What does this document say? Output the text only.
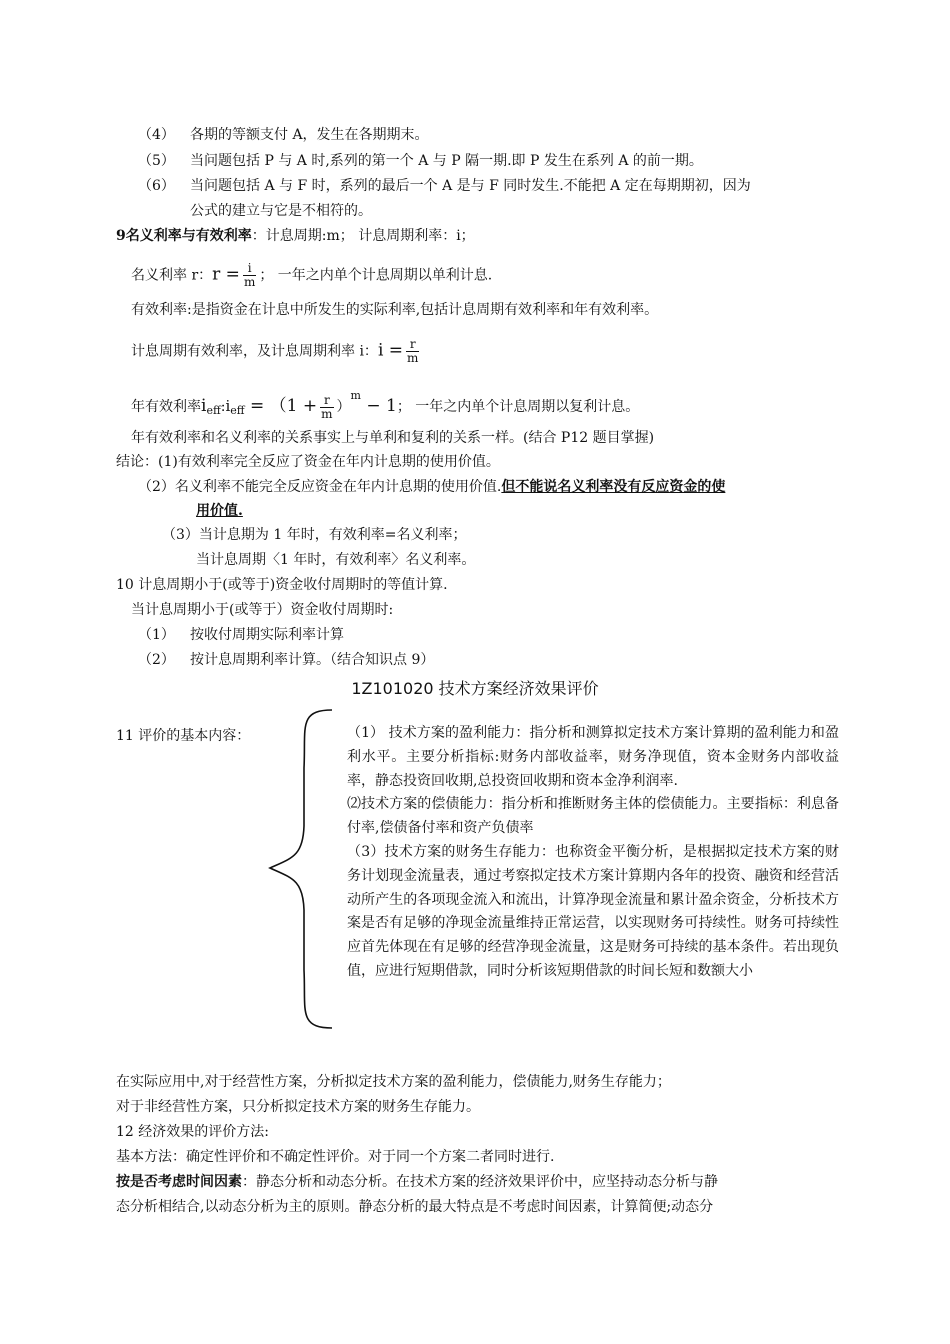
（4） 各期的等额支付 A，发生在各期期末。
（5） 当问题包括 P 与 A 时,系列的第一个 A 与 P 隔一期.即 P 发生在系列 A 的前一期。
（6） 当问题包括 A 与 F 时，系列的最后一个 A 是与 F 同时发生.不能把 A 定在每期期初，因为
公式的建立与它是不相符的。
9名义利率与有效利率：计息周期:m； 计息周期利率：i；
名义利率 r：$r = \frac{i}{m}$ ； 一年之内单个计息周期以单利计息.
有效利率:是指资金在计息中所发生的实际利率,包括计息周期有效利率和年有效利率。
计息周期有效利率，及计息周期利率 i：$i = \frac{r}{m}$
年有效利率$i_{eff}:i_{eff} = (1 + \frac{r}{m} )^m - 1$； 一年之内单个计息周期以复利计息。
年有效利率和名义利率的关系事实上与单利和复利的关系一样。(结合 P12 题目掌握)
结论：(1)有效利率完全反应了资金在年内计息期的使用价值。
（2）名义利率不能完全反应资金在年内计息期的使用价值.但不能说名义利率没有反应资金的使
用价值.
（3）当计息期为 1 年时，有效利率=名义利率；
当计息周期〈1 年时，有效利率〉名义利率。
10 计息周期小于(或等于)资金收付周期时的等值计算.
当计息周期小于(或等于）资金收付周期时:
（1） 按收付周期实际利率计算
（2） 按计息周期利率计算。（结合知识点 9）
1Z101020 技术方案经济效果评价
11 评价的基本内容：	（1） 技术方案的盈利能力：指分析和测算拟定技术方案计算期的盈利能力和盈利水平。主要分析指标:财务内部收益率，财务净现值，资本金财务内部收益率，静态投资回收期,总投资回收期和资本金净利润率.

⑵技术方案的偿债能力：指分析和推断财务主体的偿债能力。主要指标：利息备付率,偿债备付率和资产负债率

（3）技术方案的财务生存能力：也称资金平衡分析，是根据拟定技术方案的财务计划现金流量表，通过考察拟定技术方案计算期内各年的投资、融资和经营活动所产生的各项现金流入和流出，计算净现金流量和累计盈余资金，分析技术方案是否有足够的净现金流量维持正常运营，以实现财务可持续性。财务可持续性应首先体现在有足够的经营净现金流量，这是财务可持续的基本条件。若出现负值，应进行短期借款，同时分析该短期借款的时间长短和数额大小

在实际应用中,对于经营性方案，分析拟定技术方案的盈利能力，偿债能力,财务生存能力；
对于非经营性方案，只分析拟定技术方案的财务生存能力。
12 经济效果的评价方法:
基本方法：确定性评价和不确定性评价。对于同一个方案二者同时进行.
按是否考虑时间因素：静态分析和动态分析。在技术方案的经济效果评价中，应坚持动态分析与静
态分析相结合,以动态分析为主的原则。静态分析的最大特点是不考虑时间因素，计算简便;动态分
